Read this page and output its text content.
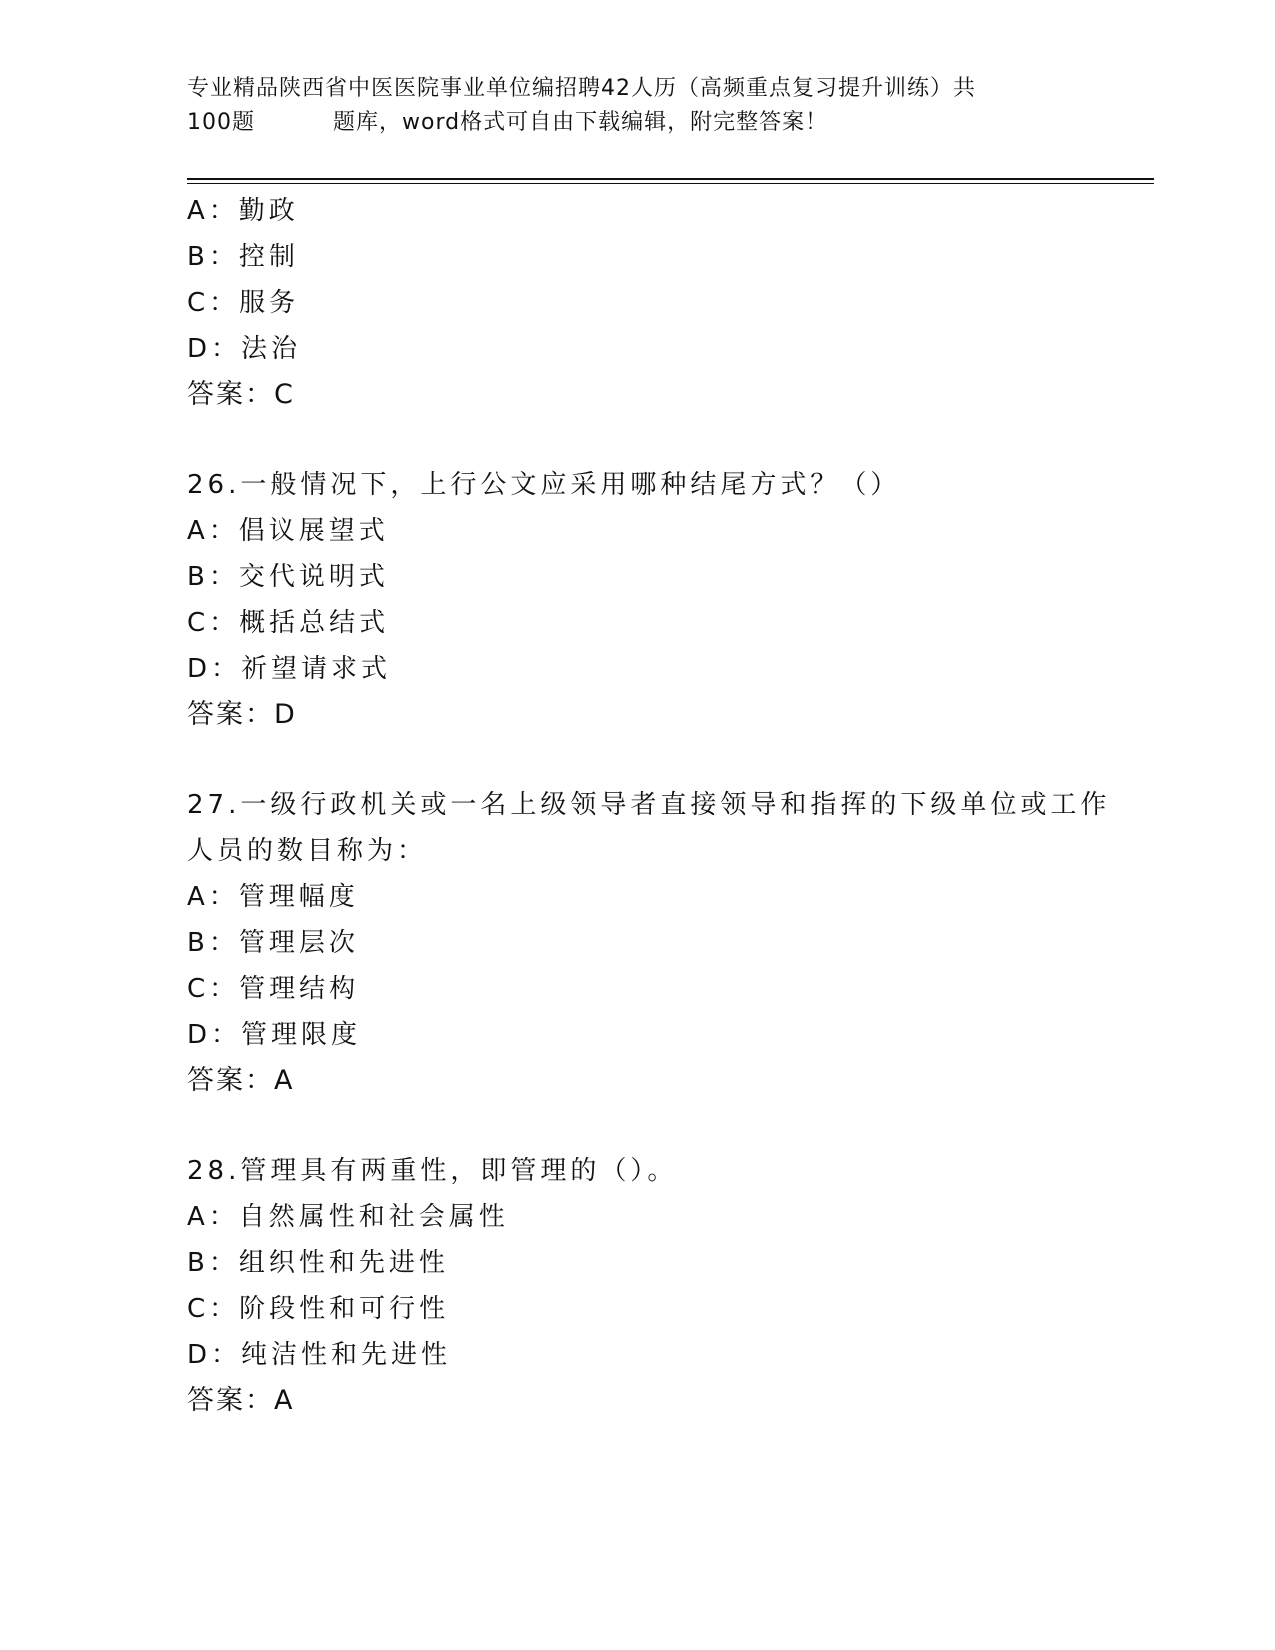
专业精品陕西省中医医院事业单位编招聘42人历（高频重点复习提升训练）共
100题	题库，word格式可自由下载编辑，附完整答案！
A：勤政
B：控制
C：服务
D：法治
答案：C
26.一般情况下，上行公文应采用哪种结尾方式？（）
A：倡议展望式
B：交代说明式
C：概括总结式
D：祈望请求式
答案：D
27.一级行政机关或一名上级领导者直接领导和指挥的下级单位或工作
人员的数目称为：
A：管理幅度
B：管理层次
C：管理结构
D：管理限度
答案：A
28.管理具有两重性，即管理的（）。
A：自然属性和社会属性
B：组织性和先进性
C：阶段性和可行性
D：纯洁性和先进性
答案：A
